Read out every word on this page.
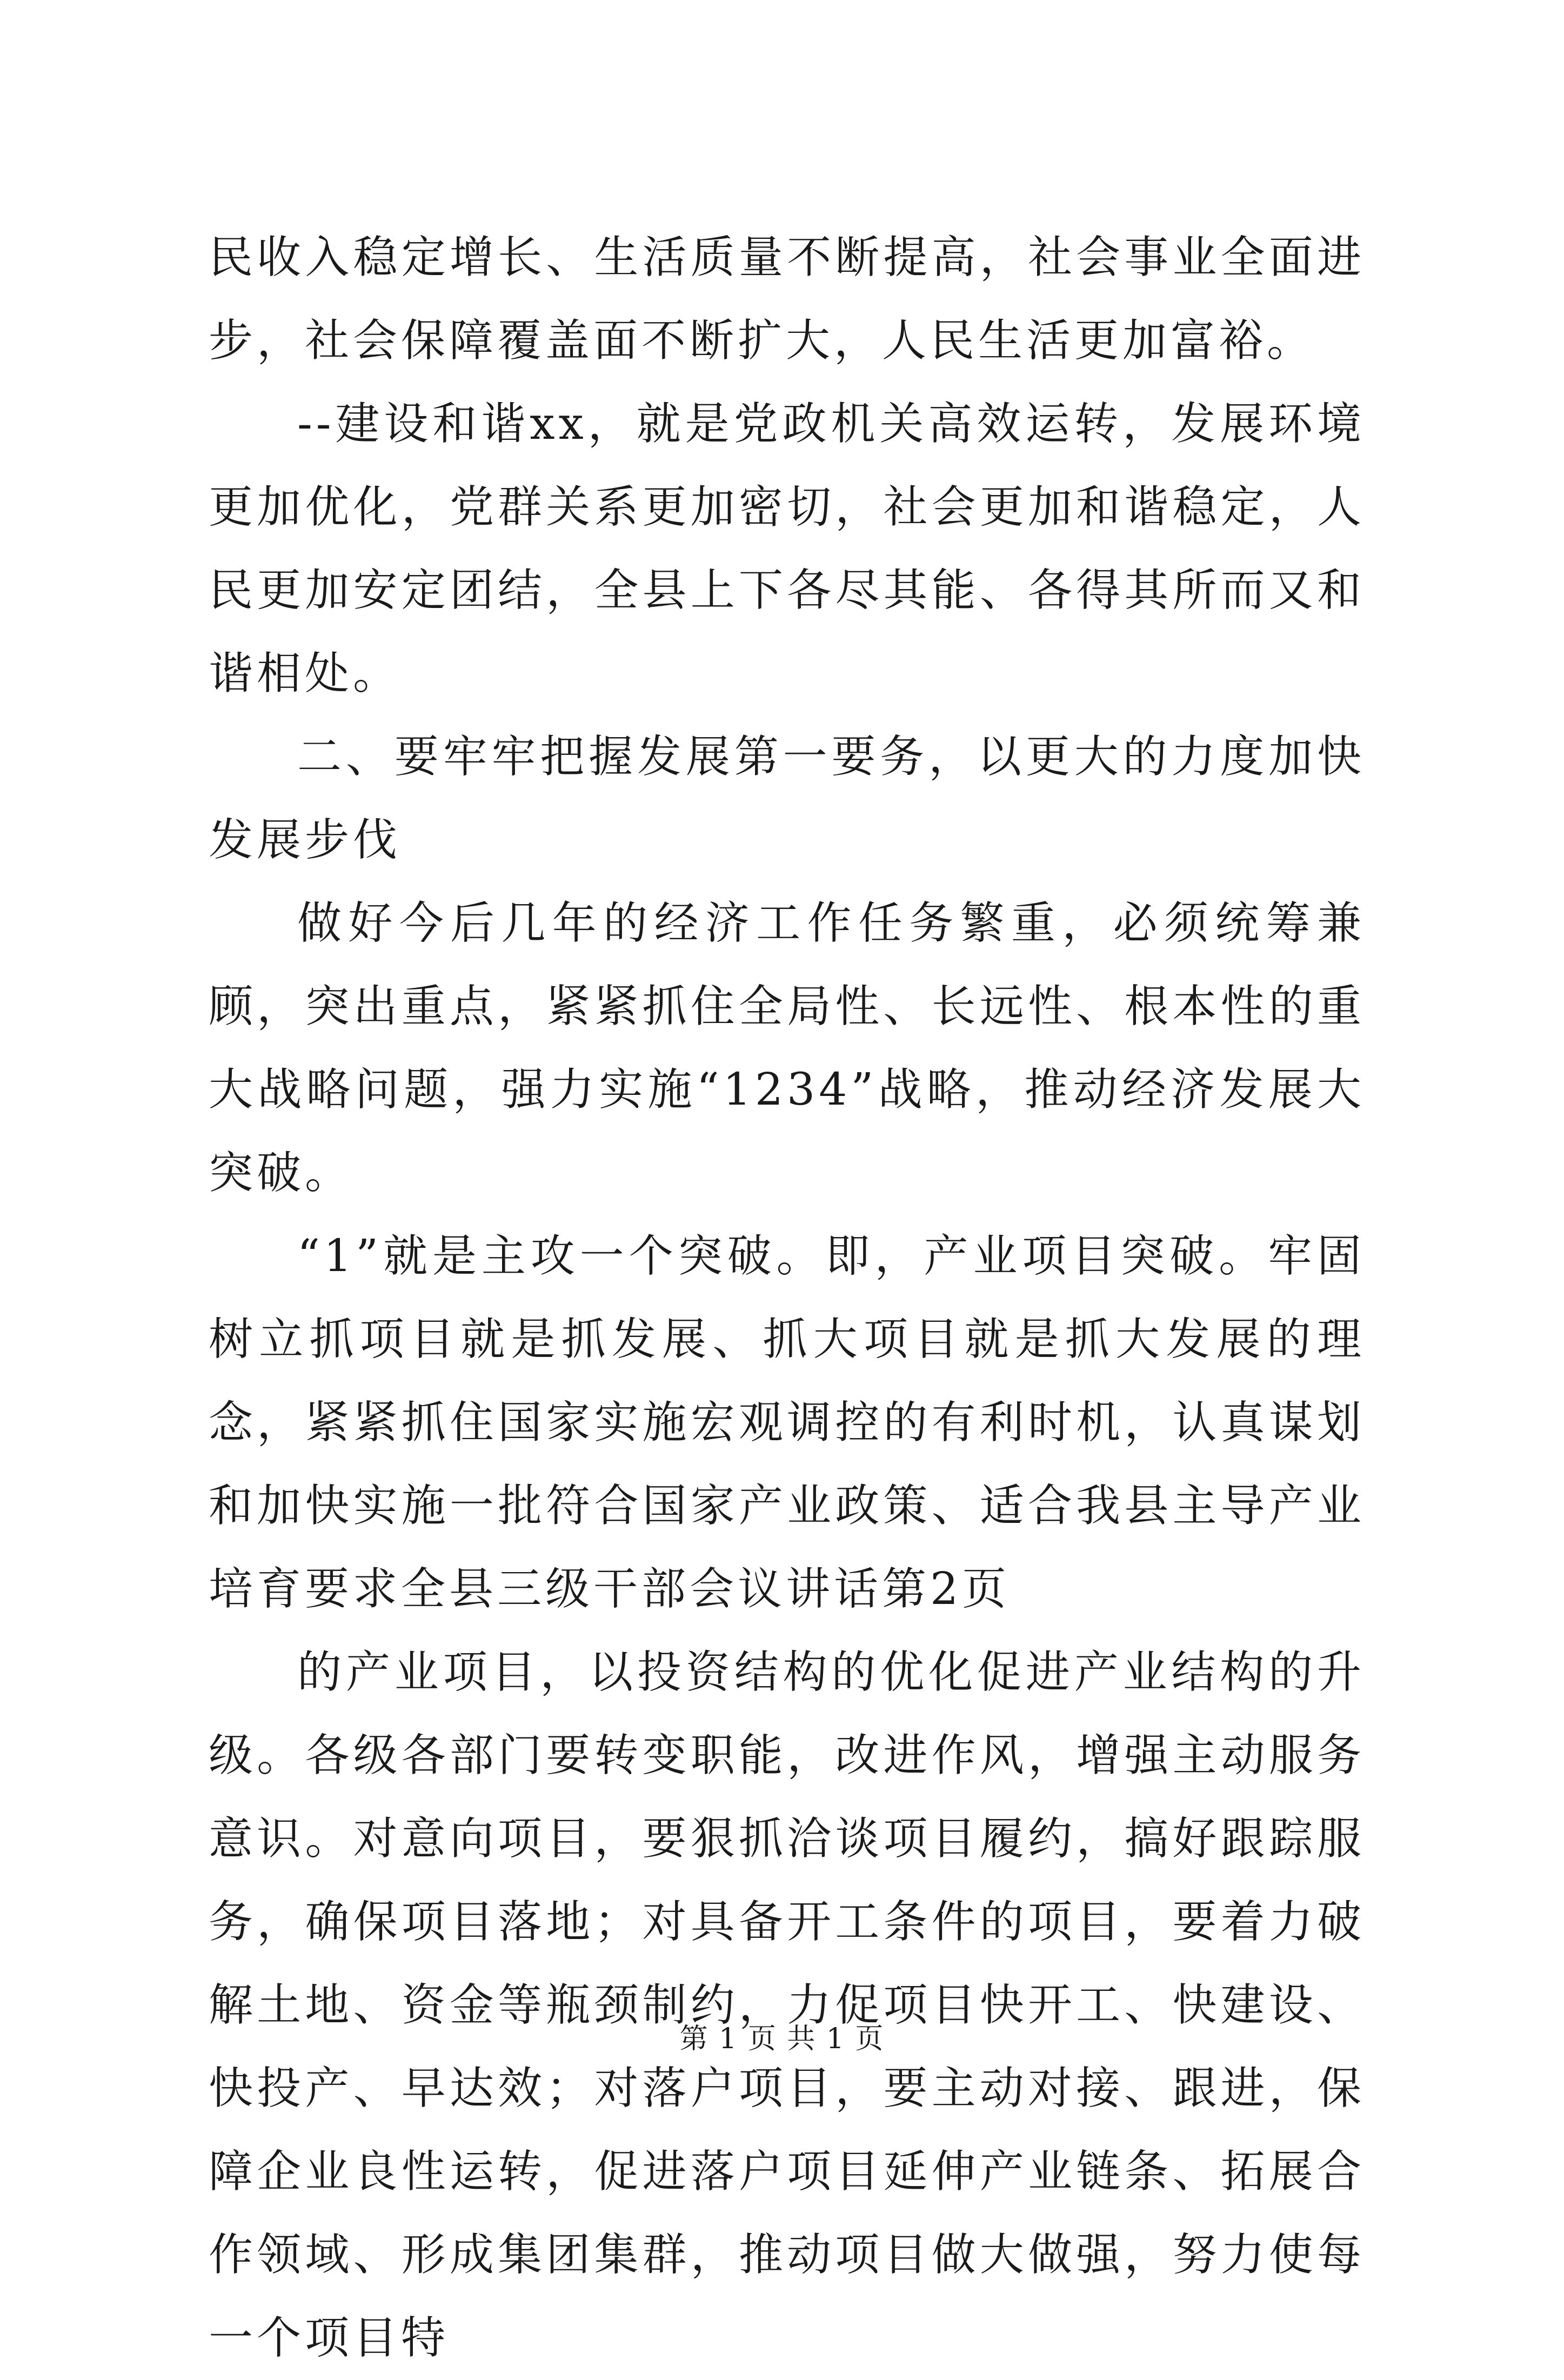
民收入稳定增长、生活质量不断提高，社会事业全面进步，社会保障覆盖面不断扩大，人民生活更加富裕。

--建设和谐xx，就是党政机关高效运转，发展环境更加优化，党群关系更加密切，社会更加和谐稳定，人民更加安定团结，全县上下各尽其能、各得其所而又和谐相处。

二、要牢牢把握发展第一要务，以更大的力度加快发展步伐

做好今后几年的经济工作任务繁重，必须统筹兼顾，突出重点，紧紧抓住全局性、长远性、根本性的重大战略问题，强力实施“1234”战略，推动经济发展大突破。

“1”就是主攻一个突破。即，产业项目突破。牢固树立抓项目就是抓发展、抓大项目就是抓大发展的理念，紧紧抓住国家实施宏观调控的有利时机，认真谋划和加快实施一批符合国家产业政策、适合我县主导产业培育要求全县三级干部会议讲话第2页

的产业项目，以投资结构的优化促进产业结构的升级。各级各部门要转变职能，改进作风，增强主动服务意识。对意向项目，要狠抓洽谈项目履约，搞好跟踪服务，确保项目落地；对具备开工条件的项目，要着力破解土地、资金等瓶颈制约，力促项目快开工、快建设、快投产、早达效；对落户项目，要主动对接、跟进，保障企业良性运转，促进落户项目延伸产业链条、拓展合作领域、形成集团集群，推动项目做大做强，努力使每一个项目特

第 1 页 共 1 页
